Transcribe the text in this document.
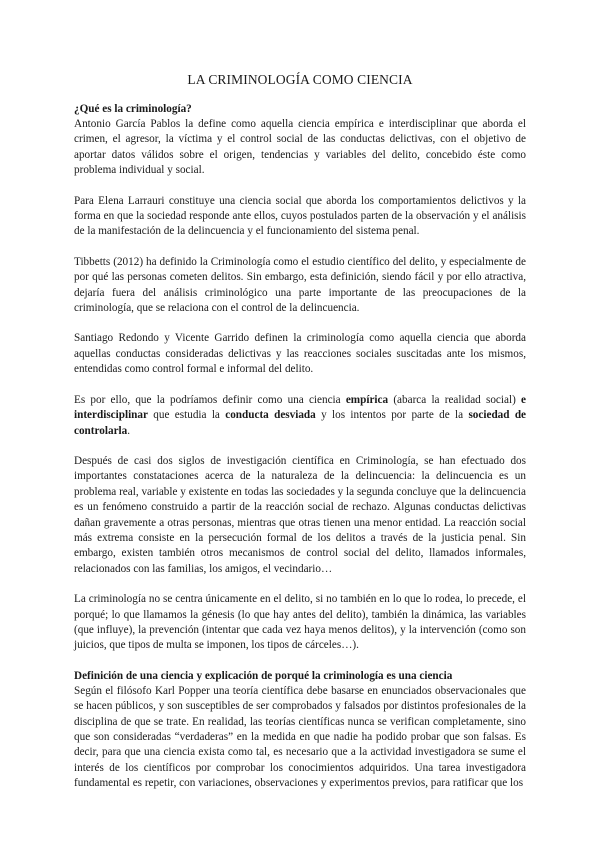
LA CRIMINOLOGÍA COMO CIENCIA
¿Qué es la criminología?

Antonio García Pablos la define como aquella ciencia empírica e interdisciplinar que aborda el crimen, el agresor, la víctima y el control social de las conductas delictivas, con el objetivo de aportar datos válidos sobre el origen, tendencias y variables del delito, concebido éste como problema individual y social.

Para Elena Larrauri constituye una ciencia social que aborda los comportamientos delictivos y la forma en que la sociedad responde ante ellos, cuyos postulados parten de la observación y el análisis de la manifestación de la delincuencia y el funcionamiento del sistema penal.

Tibbetts (2012) ha definido la Criminología como el estudio científico del delito, y especialmente de por qué las personas cometen delitos. Sin embargo, esta definición, siendo fácil y por ello atractiva, dejaría fuera del análisis criminológico una parte importante de las preocupaciones de la criminología, que se relaciona con el control de la delincuencia.

Santiago Redondo y Vicente Garrido definen la criminología como aquella ciencia que aborda aquellas conductas consideradas delictivas y las reacciones sociales suscitadas ante los mismos, entendidas como control formal e informal del delito.

Es por ello, que la podríamos definir como una ciencia empírica (abarca la realidad social) e interdisciplinar que estudia la conducta desviada y los intentos por parte de la sociedad de controlarla.

Después de casi dos siglos de investigación científica en Criminología, se han efectuado dos importantes constataciones acerca de la naturaleza de la delincuencia: la delincuencia es un problema real, variable y existente en todas las sociedades y la segunda concluye que la delincuencia es un fenómeno construido a partir de la reacción social de rechazo. Algunas conductas delictivas dañan gravemente a otras personas, mientras que otras tienen una menor entidad. La reacción social más extrema consiste en la persecución formal de los delitos a través de la justicia penal. Sin embargo, existen también otros mecanismos de control social del delito, llamados informales, relacionados con las familias, los amigos, el vecindario…

La criminología no se centra únicamente en el delito, si no también en lo que lo rodea, lo precede, el porqué; lo que llamamos la génesis (lo que hay antes del delito), también la dinámica, las variables (que influye), la prevención (intentar que cada vez haya menos delitos), y la intervención (como son juicios, que tipos de multa se imponen, los tipos de cárceles…).

Definición de una ciencia y explicación de porqué la criminología es una ciencia

Según el filósofo Karl Popper una teoría científica debe basarse en enunciados observacionales que se hacen públicos, y son susceptibles de ser comprobados y falsados por distintos profesionales de la disciplina de que se trate. En realidad, las teorías científicas nunca se verifican completamente, sino que son consideradas “verdaderas” en la medida en que nadie ha podido probar que son falsas. Es decir, para que una ciencia exista como tal, es necesario que a la actividad investigadora se sume el interés de los científicos por comprobar los conocimientos adquiridos. Una tarea investigadora fundamental es repetir, con variaciones, observaciones y experimentos previos, para ratificar que los
